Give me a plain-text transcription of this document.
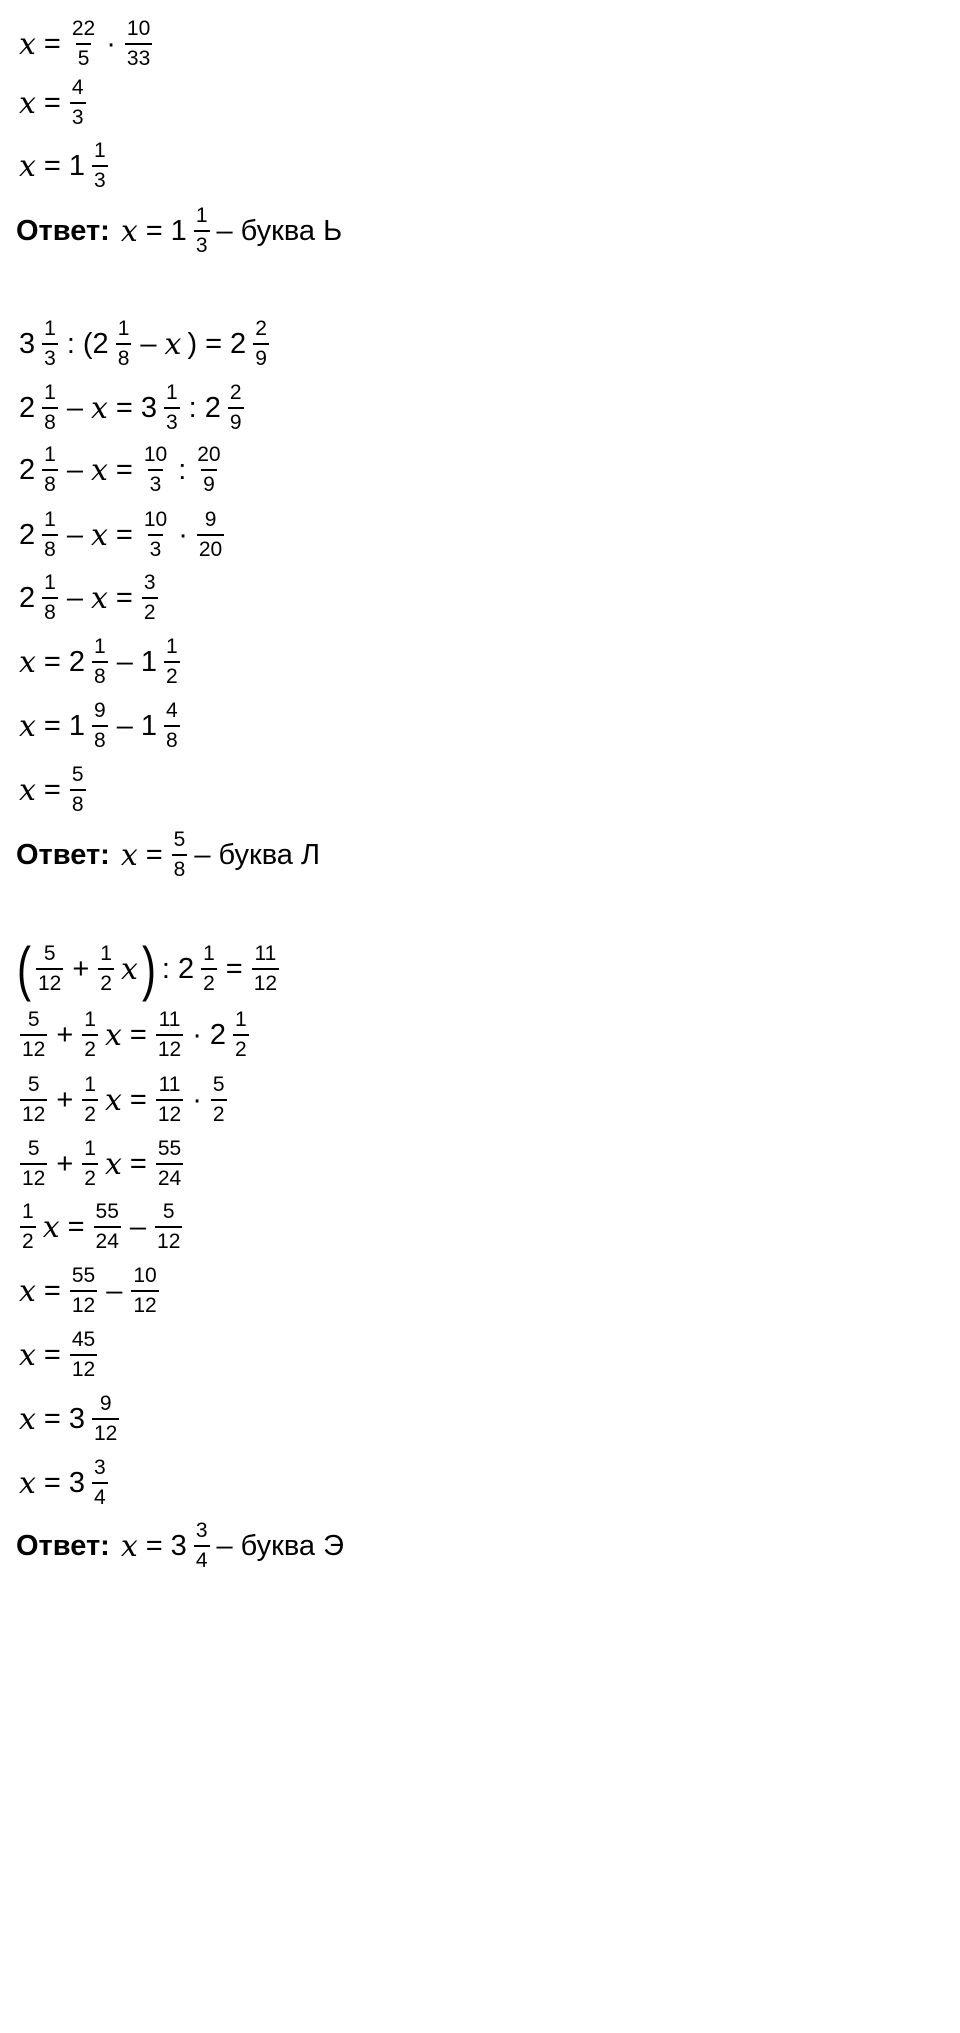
$x = \frac{22}{5} \cdot \frac{10}{33}$
$x = \frac{4}{3}$
$x = 1 \frac{1}{3}$
Ответ: $x = 1 \frac{1}{3}$ – буква Ь
$3 \frac{1}{3}$ : ($2 \frac{1}{8}$ – x ) = $2 \frac{2}{9}$
$2 \frac{1}{8} - x = 3 \frac{1}{3}$ : $2 \frac{2}{9}$
$2 \frac{1}{8} - x = \frac{10}{3}$ : $\frac{20}{9}$
$2 \frac{1}{8} - x = \frac{10}{3} \cdot \frac{9}{20}$
$2 \frac{1}{8} - x = \frac{3}{2}$
$x = 2 \frac{1}{8} - 1 \frac{1}{2}$
$x = 1 \frac{9}{8} - 1 \frac{4}{8}$
$x = \frac{5}{8}$
Ответ: $x = \frac{5}{8}$ – буква Л
( $\frac{5}{12} + \frac{1}{2}$ x ) : $2 \frac{1}{2} = \frac{11}{12}$
$\frac{5}{12} + \frac{1}{2}$ $x = \frac{11}{12} \cdot 2 \frac{1}{2}$
$\frac{5}{12} + \frac{1}{2}$ $x = \frac{11}{12} \cdot \frac{5}{2}$
$\frac{5}{12} + \frac{1}{2}$ $x = \frac{55}{24}$
$\frac{1}{2}$ $x = \frac{55}{24} - \frac{5}{12}$
$x = \frac{55}{12} - \frac{10}{12}$
$x = \frac{45}{12}$
$x = 3 \frac{9}{12}$
$x = 3 \frac{3}{4}$
Ответ: $x = 3 \frac{3}{4}$ – буква Э
